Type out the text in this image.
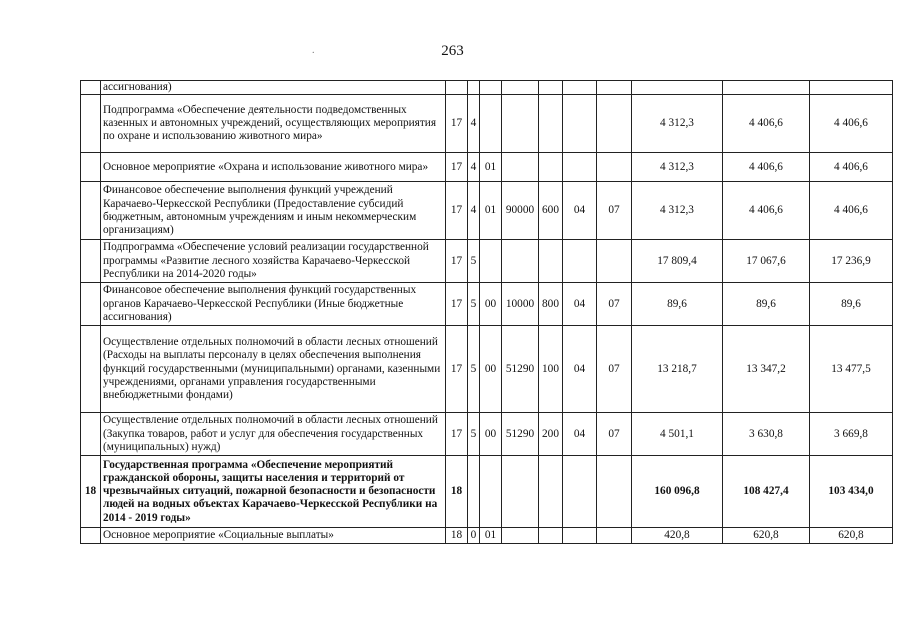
263
.
	ассигнования)										
	Подпрограмма «Обеспечение деятельности подведомственных казенных и автономных учреждений, осуществляющих мероприятия по охране и использованию животного мира»	17	4						4 312,3	4 406,6	4 406,6
	Основное мероприятие «Охрана и использование животного мира»	17	4	01					4 312,3	4 406,6	4 406,6
	Финансовое обеспечение выполнения функций учреждений Карачаево-Черкесской Республики (Предоставление субсидий бюджетным, автономным учреждениям и иным некоммерческим организациям)	17	4	01	90000	600	04	07	4 312,3	4 406,6	4 406,6
	Подпрограмма «Обеспечение условий реализации государственной программы «Развитие лесного хозяйства Карачаево-Черкесской Республики на 2014-2020 годы»	17	5						17 809,4	17 067,6	17 236,9
	Финансовое обеспечение выполнения функций государственных органов Карачаево-Черкесской Республики (Иные бюджетные ассигнования)	17	5	00	10000	800	04	07	89,6	89,6	89,6
	Осуществление отдельных полномочий в области лесных отношений (Расходы на выплаты персоналу в целях обеспечения выполнения функций государственными (муниципальными) органами, казенными учреждениями, органами управления государственными внебюджетными фондами)	17	5	00	51290	100	04	07	13 218,7	13 347,2	13 477,5
	Осуществление отдельных полномочий в области лесных отношений (Закупка товаров, работ и услуг для обеспечения государственных (муниципальных) нужд)	17	5	00	51290	200	04	07	4 501,1	3 630,8	3 669,8
18	Государственная программа «Обеспечение мероприятий гражданской обороны, защиты населения и территорий от чрезвычайных ситуаций, пожарной безопасности и безопасности людей на водных объектах Карачаево-Черкесской Республики на 2014 - 2019 годы»	18							160 096,8	108 427,4	103 434,0
	Основное мероприятие «Социальные выплаты»	18	0	01					420,8	620,8	620,8
